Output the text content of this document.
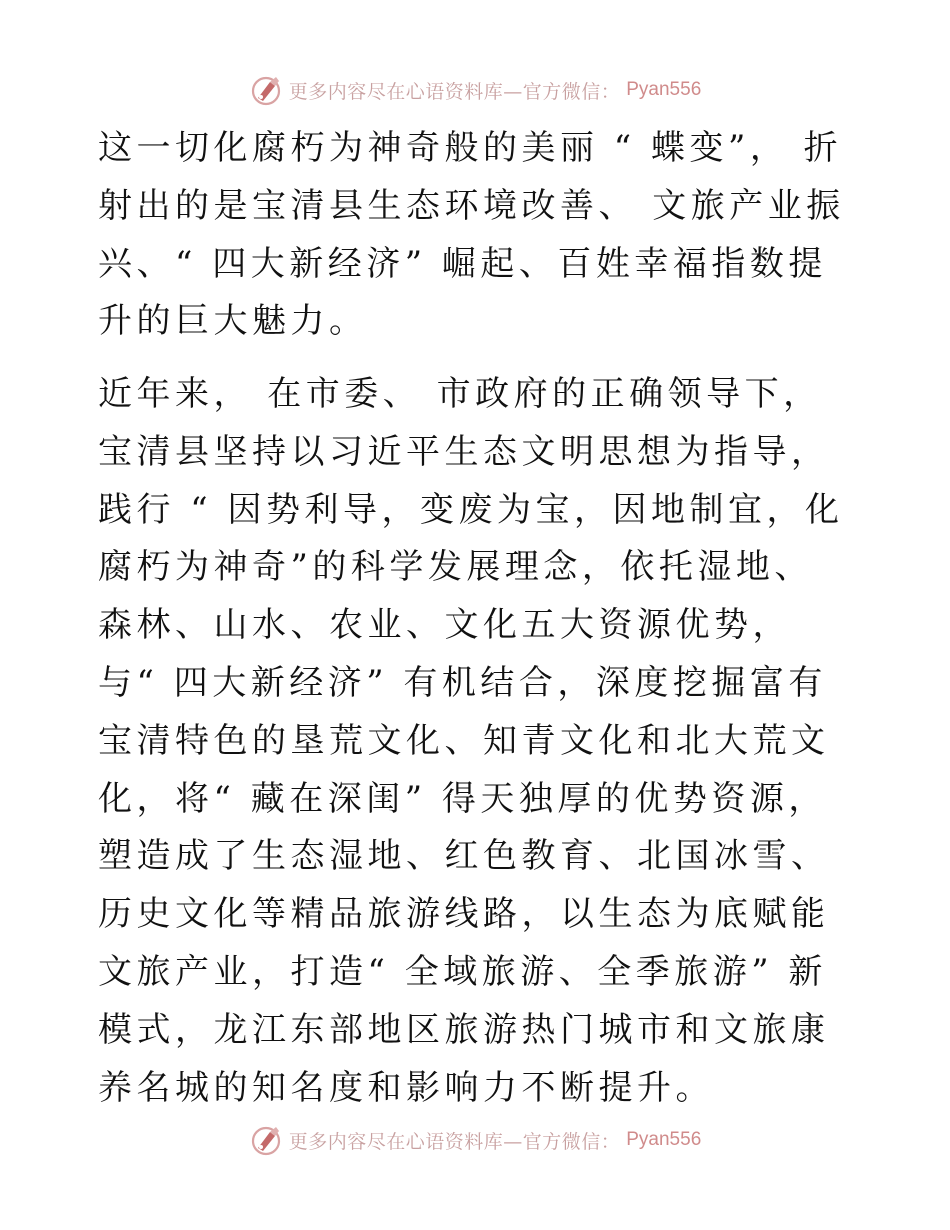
更多内容尽在心语资料库—官方微信： Pyan556

这一切化腐朽为神奇般的美丽 “ 蝶变”， 折射出的是宝清县生态环境改善、 文旅产业振兴、“ 四大新经济” 崛起、百姓幸福指数提升的巨大魅力。

近年来， 在市委、 市政府的正确领导下， 宝清县坚持以习近平生态文明思想为指导， 践行 “ 因势利导，变废为宝，因地制宜，化腐朽为神奇”的科学发展理念，依托湿地、森林、山水、农业、文化五大资源优势，与“ 四大新经济” 有机结合，深度挖掘富有宝清特色的垦荒文化、知青文化和北大荒文化，将“ 藏在深闺” 得天独厚的优势资源，塑造成了生态湿地、红色教育、北国冰雪、历史文化等精品旅游线路，以生态为底赋能文旅产业，打造“ 全域旅游、全季旅游” 新模式，龙江东部地区旅游热门城市和文旅康养名城的知名度和影响力不断提升。

更多内容尽在心语资料库—官方微信： Pyan556
